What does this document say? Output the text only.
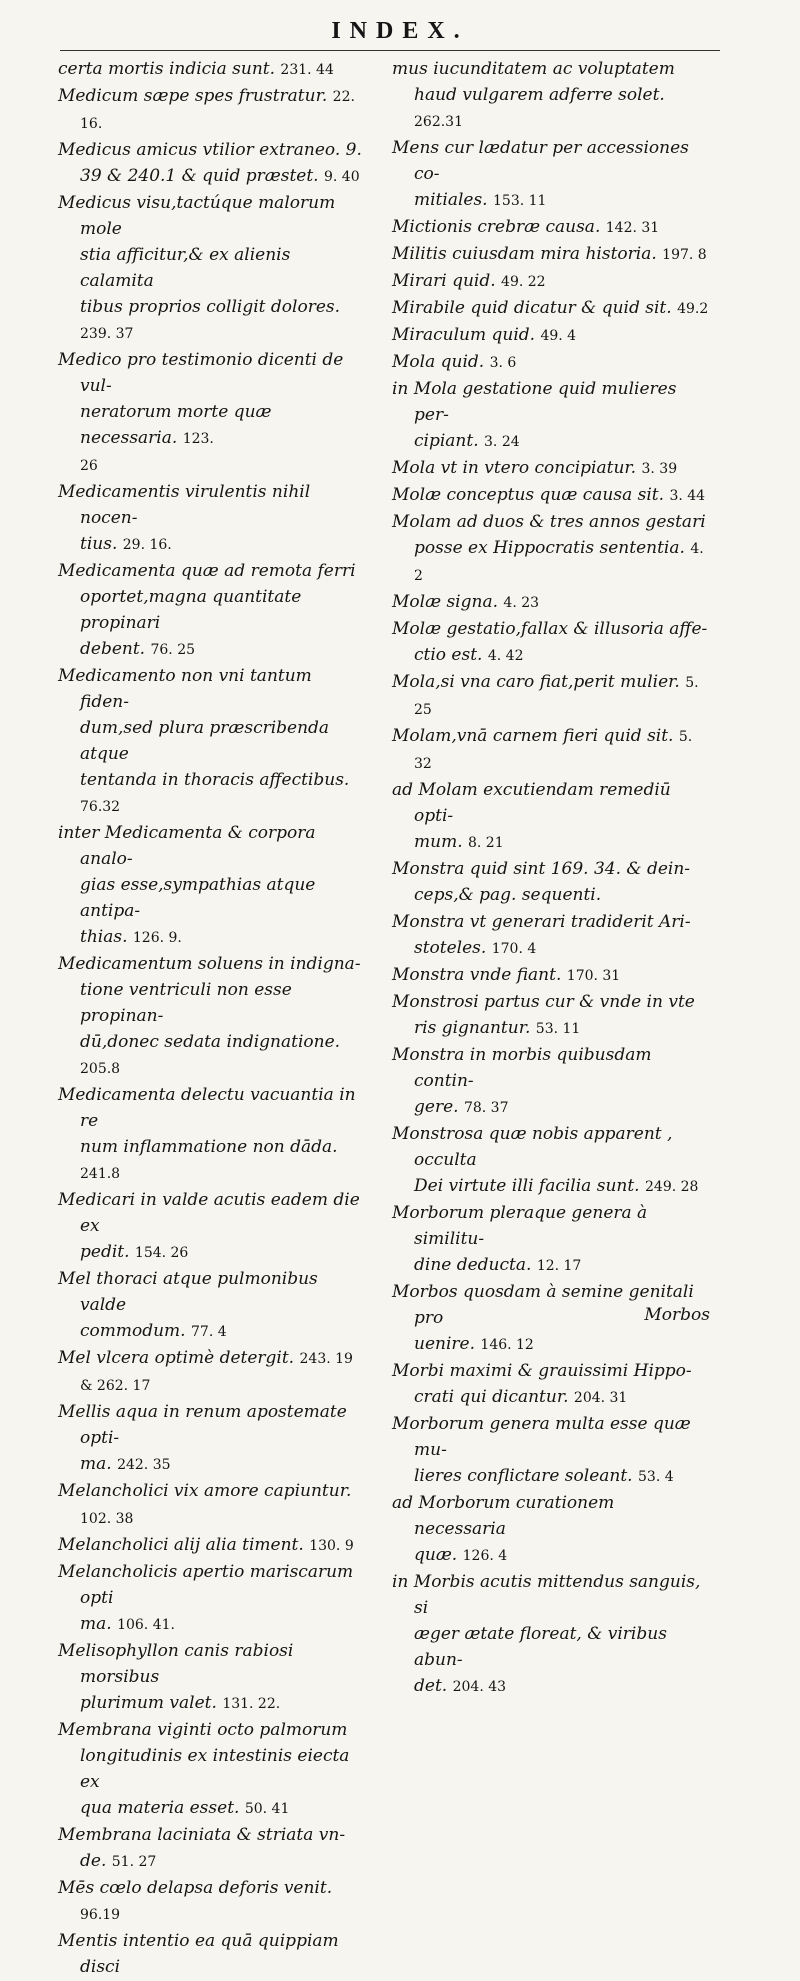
INDEX.

certa mortis indicia sunt. 231. 44

Medicum sæpe spes frustratur. 22. 16.

Medicus amicus vtilior extraneo. 9.
39 & 240.1 & quid præstet. 9. 40

Medicus visu,tactúque malorum mole
stia afficitur,& ex alienis calamita
tibus proprios colligit dolores. 239. 37

Medico pro testimonio dicenti de vul-
neratorum morte quæ necessaria. 123.
26

Medicamentis virulentis nihil nocen-
tius. 29. 16.

Medicamenta quæ ad remota ferri
oportet,magna quantitate propinari
debent. 76. 25

Medicamento non vni tantum fiden-
dum,sed plura præscribenda atque
tentanda in thoracis affectibus. 76.32

inter Medicamenta & corpora analo-
gias esse,sympathias atque antipa-
thias. 126. 9.

Medicamentum soluens in indigna-
tione ventriculi non esse propinan-
dū,donec sedata indignatione. 205.8

Medicamenta delectu vacuantia in re
num inflammatione non dāda. 241.8

Medicari in valde acutis eadem die ex
pedit. 154. 26

Mel thoraci atque pulmonibus valde
commodum. 77. 4

Mel vlcera optimè detergit. 243. 19
& 262. 17

Mellis aqua in renum apostemate opti-
ma. 242. 35

Melancholici vix amore capiuntur.
102. 38

Melancholici alij alia timent. 130. 9

Melancholicis apertio mariscarum opti
ma. 106. 41.

Melisophyllon canis rabiosi morsibus
plurimum valet. 131. 22.

Membrana viginti octo palmorum
longitudinis ex intestinis eiecta ex
qua materia esset. 50. 41

Membrana laciniata & striata vn-
de. 51. 27

Mēs cœlo delapsa deforis venit. 96.19

Mentis intentio ea quā quippiam disci

mus iucunditatem ac voluptatem
haud vulgarem adferre solet. 262.31

Mens cur lædatur per accessiones co-
mitiales. 153. 11

Mictionis crebræ causa. 142. 31

Militis cuiusdam mira historia. 197. 8

Mirari quid. 49. 22

Mirabile quid dicatur & quid sit. 49.2

Miraculum quid. 49. 4

Mola quid. 3. 6

in Mola gestatione quid mulieres per-
cipiant. 3. 24

Mola vt in vtero concipiatur. 3. 39

Molæ conceptus quæ causa sit. 3. 44

Molam ad duos & tres annos gestari
posse ex Hippocratis sententia. 4. 2

Molæ signa. 4. 23

Molæ gestatio,fallax & illusoria affe-
ctio est. 4. 42

Mola,si vna caro fiat,perit mulier. 5.
25

Molam,vnā carnem fieri quid sit. 5. 32

ad Molam excutiendam remediū opti-
mum. 8. 21

Monstra quid sint 169. 34. & dein-
ceps,& pag. sequenti.

Monstra vt generari tradiderit Ari-
stoteles. 170. 4

Monstra vnde fiant. 170. 31

Monstrosi partus cur & vnde in vte
ris gignantur. 53. 11

Monstra in morbis quibusdam contin-
gere. 78. 37

Monstrosa quæ nobis apparent , occulta
Dei virtute illi facilia sunt. 249. 28

Morborum pleraque genera à similitu-
dine deducta. 12. 17

Morbos quosdam à semine genitali pro
uenire. 146. 12

Morbi maximi & grauissimi Hippo-
crati qui dicantur. 204. 31

Morborum genera multa esse quæ mu-
lieres conflictare soleant. 53. 4

ad Morborum curationem necessaria
quæ. 126. 4

in Morbis acutis mittendus sanguis, si
æger ætate floreat, & viribus abun-
det. 204. 43

Morbos
